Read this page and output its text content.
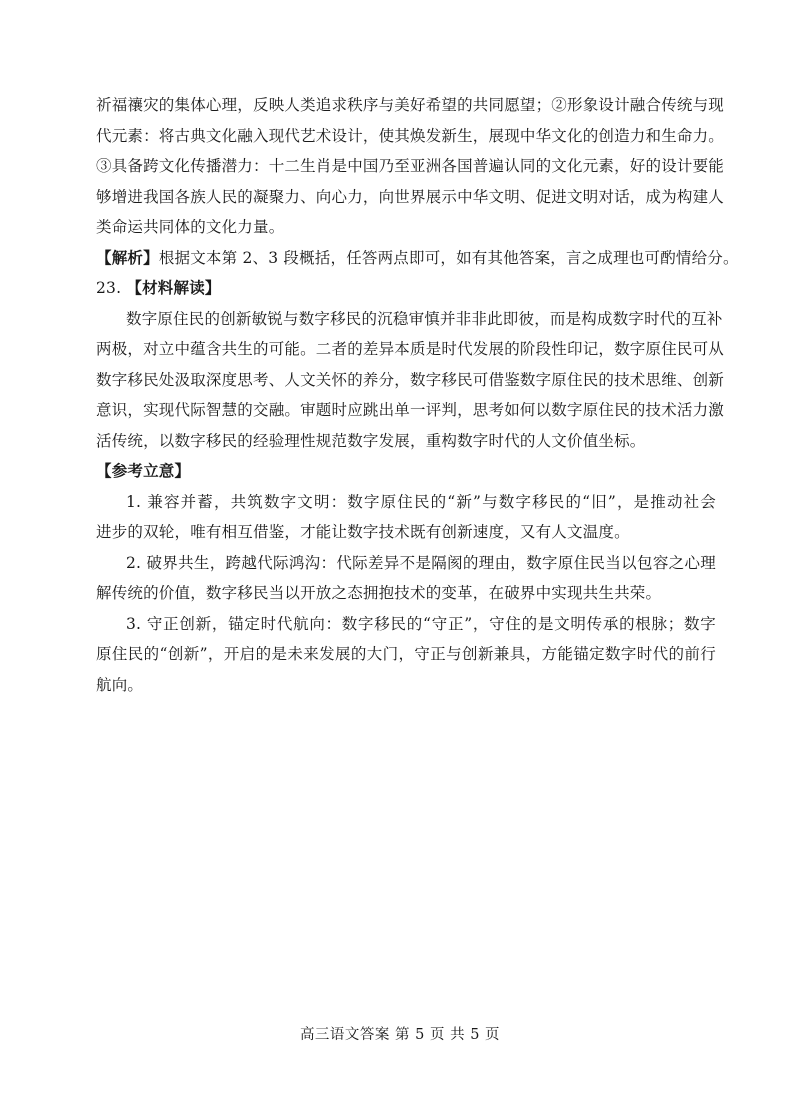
祈福禳灾的集体心理，反映人类追求秩序与美好希望的共同愿望；②形象设计融合传统与现
代元素：将古典文化融入现代艺术设计，使其焕发新生，展现中华文化的创造力和生命力。
③具备跨文化传播潜力：十二生肖是中国乃至亚洲各国普遍认同的文化元素，好的设计要能
够增进我国各族人民的凝聚力、向心力，向世界展示中华文明、促进文明对话，成为构建人
类命运共同体的文化力量。
【解析】根据文本第 2、3 段概括，任答两点即可，如有其他答案，言之成理也可酌情给分。
23. 【材料解读】
数字原住民的创新敏锐与数字移民的沉稳审慎并非非此即彼，而是构成数字时代的互补
两极，对立中蕴含共生的可能。二者的差异本质是时代发展的阶段性印记，数字原住民可从
数字移民处汲取深度思考、人文关怀的养分，数字移民可借鉴数字原住民的技术思维、创新
意识，实现代际智慧的交融。审题时应跳出单一评判，思考如何以数字原住民的技术活力激
活传统，以数字移民的经验理性规范数字发展，重构数字时代的人文价值坐标。
【参考立意】
1. 兼容并蓄，共筑数字文明：数字原住民的“新”与数字移民的“旧”，是推动社会
进步的双轮，唯有相互借鉴，才能让数字技术既有创新速度，又有人文温度。
2. 破界共生，跨越代际鸿沟：代际差异不是隔阂的理由，数字原住民当以包容之心理
解传统的价值，数字移民当以开放之态拥抱技术的变革，在破界中实现共生共荣。
3. 守正创新，锚定时代航向：数字移民的“守正”，守住的是文明传承的根脉；数字
原住民的“创新”，开启的是未来发展的大门，守正与创新兼具，方能锚定数字时代的前行
航向。
高三语文答案 第 5 页 共 5 页
